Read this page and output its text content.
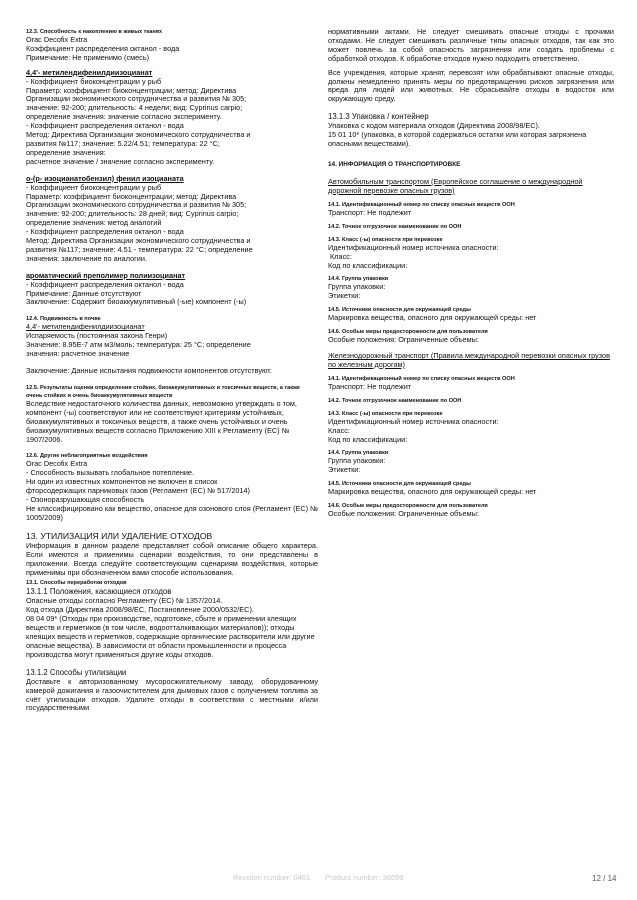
12.3. Способность к накоплению в живых тканях

Orac Decofix Extra

Коэффициент распределения октанол - вода

Примечание: Не применимо (смесь)

4,4'- метилендифенилдиизоцианат

- Коэффициент биоконцентрации у рыб

Параметр: коэффициент биоконцентрации; метод: Директива

Организации экономического сотрудничества и развития № 305;

значение: 92-200; длительность: 4 недели; вид: Cyprinus carpio;

определение значения: значение согласно эксперименту.

- Коэффициент распределения октанол - вода

Метод: Директива Организации экономического сотрудничества и

развития №117; значение: 5.22/4.51; температура: 22 °C;

определение значения:

расчетное значение / значение согласно эксперименту.

о-(р- изоцианатобензил) фенил изоцианата

- Коэффициент биоконцентрации у рыб

Параметр: коэффициент биоконцентрации; метод: Директива

Организации экономического сотрудничества и развития № 305;

значение: 92-200; длительность: 28 дней; вид: Cyprinus carpio;

определение значения: метод аналогий

- Коэффициент распределения октанол - вода

Метод: Директива Организации экономического сотрудничества и

развития №117; значение: 4.51 - температура: 22 °C; определение

значения: заключение по аналогии.

ароматический преполимер полиизоцианат

- Коэффициент распределения октанол - вода

Примечание: Данные отсутствуют

Заключение: Содержит биоаккумулятивный (-ые) компонент (-ы)

12.4. Подвижность в почве

4,4'- метилендифенилдиизоцианат

Испаряемость (постоянная закона Генри)

Значение: 8.95E-7 атм м3/моль; температура: 25 °C; определение

значения: расчетное значение

Заключение: Данные испытания подвижности компонентов отсутствуют.

12.5. Результаты оценки определения стойких, биоаккумулятивных и токсичных веществ, а также очень стойких и очень биоаккумулятивных веществ

Вследствие недостаточного количества данных, невозможно утверждать о том, компонент (-ы) соответствуют или не соответствуют критериям устойчивых, биоаккумулятивных и токсичных веществ, а также очень устойчивых и очень биоаккумулятивных веществ согласно Приложению XIII к Регламенту (ЕС) № 1907/2006.

12.6. Другие неблагоприятные воздействия

Orac Decofix Extra

- Способность вызывать глобальное потепление.

Ни один из известных компонентов не включен в список

фторсодержащих парниковых газов (Регламент (ЕС) № 517/2014)

- Озоноразрушающая способность

Не классифицировано как вещество, опасное для озонового слоя (Регламент (ЕС) № 1005/2009)

13. УТИЛИЗАЦИЯ ИЛИ УДАЛЕНИЕ ОТХОДОВ

Информация в данном разделе представляет собой описание общего характера. Если имеются и применимы сценарии воздействия, то они представлены в приложении. Всегда следуйте соответствующим сценариям воздействия, которые применимы при обозначенном вами способе использования.

13.1. Способы переработки отходов

13.1.1 Положения, касающиеся отходов

Опасные отходы согласно Регламенту (ЕС) № 1357/2014.

Код отхода (Директива 2008/98/ЕС, Постановление 2000/0532/ЕС).

08 04 09* (Отходы при производстве, подготовке, сбыте и применении клеящих веществ и герметиков (в том числе, водоотталкивающих материалов)); отходы клеящих веществ и герметиков, содержащие органические растворители или другие опасные вещества). В зависимости от области промышленности и процесса производства могут применяться другие коды отходов.

13.1.2 Способы утилизации

Доставьте к авторизованному мусоросжигательному заводу, оборудованному камерой дожигания и газоочистителем для дымовых газов с получением топлива за счёт утилизации отходов. Удалите отходы в соответствии с местными и/или государственными

нормативными актами. Не следует смешивать опасные отходы с прочими отходами. Не следует смешивать различные типы опасных отходов, так как это может повлечь за собой опасность загрязнения или создать проблемы с обработкой отходов. К обработке отходов нужно подходить ответственно.

Все учреждения, которые хранят, перевозят или обрабатывают опасные отходы, должны немедленно принять меры по предотвращению рисков загрязнения или вреда для людей или животных. Не сбрасывайте отходы в водосток или окружающую среду.

13.1.3 Упаковка / контейнер

Упаковка с кодом материала отходов (Директива 2008/98/ЕС).

15 01 10* (упаковка, в которой содержаться остатки или которая загрязнена опасными веществами).

14. ИНФОРМАЦИЯ О ТРАНСПОРТИРОВКЕ

Автомобильным транспортом (Европейское соглашение о международной дорожной перевозке опасных грузов)

14.1. Идентификационный номер по списку опасных веществ ООН

Транспорт: Не подлежит

14.2. Точное отгрузочное наименование по ООН

14.3. Класс (-ы) опасности при перевозке

Идентификационный номер источника опасности:

Класс:

Код по классификации:

14.4. Группа упаковки

Группа упаковки:

Этикетки:

14.5. Источники опасности для окружающей среды

Маркировка вещества, опасного для окружающей среды: нет

14.6. Особые меры предосторожности для пользователя

Особые положения: Ограниченные объемы:

Железнодорожный транспорт (Правила международной перевозки опасных грузов по железным дорогам)

14.1. Идентификационный номер по списку опасных веществ ООН

Транспорт: Не подлежит

14.2. Точное отгрузочное наименование по ООН

14.3. Класс (-ы) опасности при перевозке

Идентификационный номер источника опасности:

Класс:

Код по классификации:

14.4. Группа упаковки

Группа упаковки:

Этикетки:

14.5. Источники опасности для окружающей среды

Маркировка вещества, опасного для окружающей среды: нет

14.6. Особые меры предосторожности для пользователя

Особые положения: Ограниченные объемы:

Revision number: 0401 Product number: 36699	12 / 14
